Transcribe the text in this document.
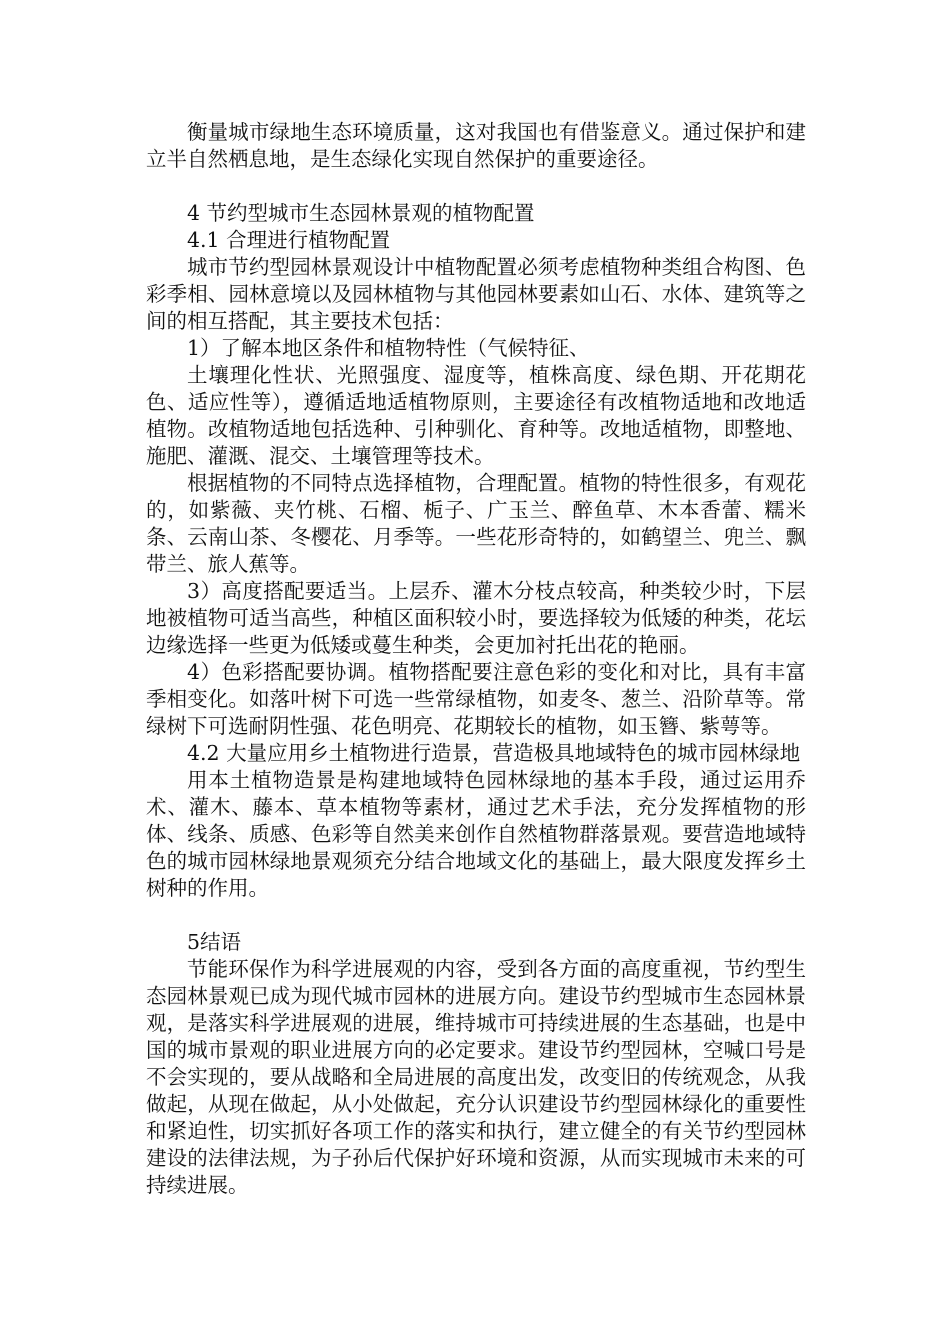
衡量城市绿地生态环境质量，这对我国也有借鉴意义。通过保护和建立半自然栖息地，是生态绿化实现自然保护的重要途径。

4 节约型城市生态园林景观的植物配置

4.1 合理进行植物配置

城市节约型园林景观设计中植物配置必须考虑植物种类组合构图、色彩季相、园林意境以及园林植物与其他园林要素如山石、水体、建筑等之间的相互搭配，其主要技术包括：

1）了解本地区条件和植物特性（气候特征、

土壤理化性状、光照强度、湿度等，植株高度、绿色期、开花期花色、适应性等），遵循适地适植物原则，主要途径有改植物适地和改地适植物。改植物适地包括选种、引种驯化、育种等。改地适植物，即整地、施肥、灌溉、混交、土壤管理等技术。

根据植物的不同特点选择植物，合理配置。植物的特性很多，有观花的，如紫薇、夹竹桃、石榴、栀子、广玉兰、醉鱼草、木本香蕾、糯米条、云南山茶、冬樱花、月季等。一些花形奇特的，如鹤望兰、兜兰、飘带兰、旅人蕉等。

3）高度搭配要适当。上层乔、灌木分枝点较高，种类较少时，下层地被植物可适当高些，种植区面积较小时，要选择较为低矮的种类，花坛边缘选择一些更为低矮或蔓生种类，会更加衬托出花的艳丽。

4）色彩搭配要协调。植物搭配要注意色彩的变化和对比，具有丰富季相变化。如落叶树下可选一些常绿植物，如麦冬、葱兰、沿阶草等。常绿树下可选耐阴性强、花色明亮、花期较长的植物，如玉簪、紫萼等。

4.2 大量应用乡土植物进行造景，营造极具地域特色的城市园林绿地

用本土植物造景是构建地域特色园林绿地的基本手段，通过运用乔术、灌木、藤本、草本植物等素材，通过艺术手法，充分发挥植物的形体、线条、质感、色彩等自然美来创作自然植物群落景观。要营造地域特色的城市园林绿地景观须充分结合地域文化的基础上，最大限度发挥乡土树种的作用。

5结语

节能环保作为科学进展观的内容，受到各方面的高度重视，节约型生态园林景观已成为现代城市园林的进展方向。建设节约型城市生态园林景观，是落实科学进展观的进展，维持城市可持续进展的生态基础，也是中国的城市景观的职业进展方向的必定要求。建设节约型园林，空喊口号是不会实现的，要从战略和全局进展的高度出发，改变旧的传统观念，从我做起，从现在做起，从小处做起，充分认识建设节约型园林绿化的重要性和紧迫性，切实抓好各项工作的落实和执行，建立健全的有关节约型园林建设的法律法规，为子孙后代保护好环境和资源，从而实现城市未来的可持续进展。
